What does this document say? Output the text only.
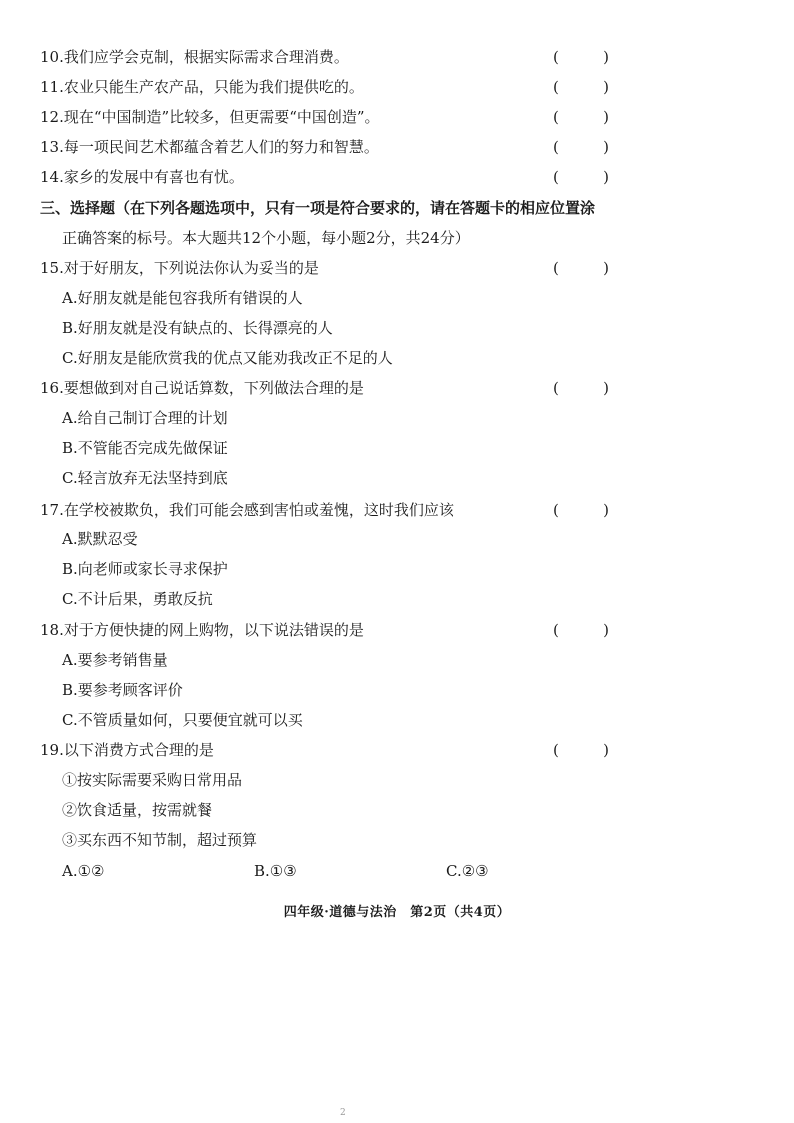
10.我们应学会克制，根据实际需求合理消费。	(	)
11.农业只能生产农产品，只能为我们提供吃的。	(	)
12.现在“中国制造”比较多，但更需要“中国创造”。	(	)
13.每一项民间艺术都蕴含着艺人们的努力和智慧。	(	)
14.家乡的发展中有喜也有忧。	(	)
三、选择题（在下列各题选项中，只有一项是符合要求的，请在答题卡的相应位置涂
正确答案的标号。本大题共12个小题，每小题2分，共24分）
15.对于好朋友，下列说法你认为妥当的是	(	)
A.好朋友就是能包容我所有错误的人
B.好朋友就是没有缺点的、长得漂亮的人
C.好朋友是能欣赏我的优点又能劝我改正不足的人
16.要想做到对自己说话算数，下列做法合理的是	(	)
A.给自己制订合理的计划
B.不管能否完成先做保证
C.轻言放弃无法坚持到底
17.在学校被欺负，我们可能会感到害怕或羞愧，这时我们应该	(	)
A.默默忍受
B.向老师或家长寻求保护
C.不计后果，勇敢反抗
18.对于方便快捷的网上购物，以下说法错误的是	(	)
A.要参考销售量
B.要参考顾客评价
C.不管质量如何，只要便宜就可以买
19.以下消费方式合理的是	(	)
①按实际需要采购日常用品
②饮食适量，按需就餐
③买东西不知节制，超过预算
A.①②	B.①③	C.②③
四年级·道德与法治　第2页（共4页）
2
